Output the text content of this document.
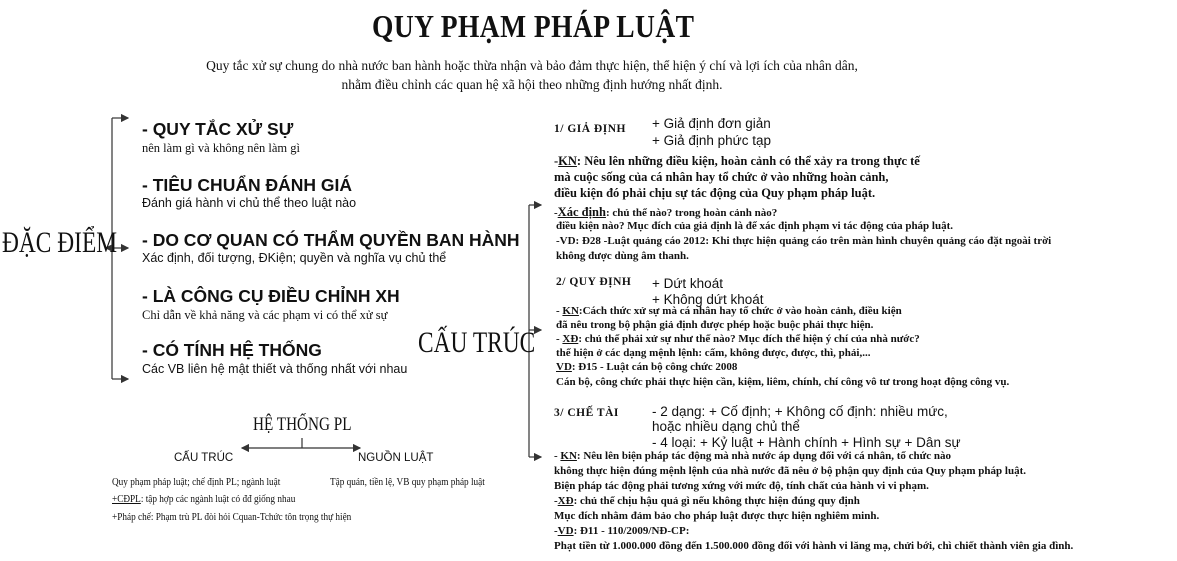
QUY PHẠM PHÁP LUẬT
Quy tắc xử sự chung do nhà nước ban hành hoặc thừa nhận và bảo đảm thực hiện, thể hiện ý chí và lợi ích của nhân dân,
nhằm điều chỉnh các quan hệ xã hội theo những định hướng nhất định.
ĐẶC ĐIỂM
- QUY TẮC XỬ SỰ
nên làm gì và không nên làm gì
- TIÊU CHUẨN ĐÁNH GIÁ
Đánh giá hành vi chủ thể theo luật nào
- DO CƠ QUAN CÓ THẨM QUYỀN BAN HÀNH
Xác định, đối tượng, ĐKiện; quyền và nghĩa vụ chủ thể
- LÀ CÔNG CỤ ĐIỀU CHỈNH XH
Chỉ dẫn về khả năng và các phạm vi có thể xử sự
- CÓ TÍNH HỆ THỐNG
Các VB liên hệ mật thiết và thống nhất với nhau
HỆ THỐNG PL
CẤU TRÚC	NGUỒN LUẬT
Quy phạm pháp luật; chế định PL; ngành luật
+CĐPL: tập hợp các ngành luật có đđ giống nhau
+Pháp chế: Phạm trù PL đòi hỏi Cquan-Tchức tôn trọng thự hiện
Tập quán, tiền lệ, VB quy phạm pháp luật
CẤU TRÚC
1/ GIẢ ĐỊNH + Giả định đơn giản
+ Giả định phức tạp
-KN: Nêu lên những điều kiện, hoàn cảnh có thể xảy ra trong thực tế
mà cuộc sống của cá nhân hay tổ chức ở vào những hoàn cảnh,
điều kiện đó phải chịu sự tác động của Quy phạm pháp luật.
-Xác định: chủ thể nào? trong hoàn cảnh nào?
điều kiện nào? Mục đích của giả định là để xác định phạm vi tác động của pháp luật.
-VD: Đ28 -Luật quảng cáo 2012: Khi thực hiện quảng cáo trên màn hình chuyên quảng cáo đặt ngoài trời
không được dùng âm thanh.
2/ QUY ĐỊNH + Dứt khoát
+ Không dứt khoát
- KN:Cách thức xử sự mà cá nhân hay tổ chức ở vào hoàn cảnh, điều kiện
đã nêu trong bộ phận giả định được phép hoặc buộc phải thực hiện.
- XĐ: chủ thể phải xử sự như thế nào? Mục đích thể hiện ý chí của nhà nước?
thể hiện ở các dạng mệnh lệnh: cấm, không được, được, thì, phải,...
VD: Đ15 - Luật cán bộ công chức 2008
Cán bộ, công chức phải thực hiện cần, kiệm, liêm, chính, chí công vô tư trong hoạt động công vụ.
3/ CHẾ TÀI - 2 dạng: + Cố định; + Không cố định: nhiều mức,
hoặc nhiều dạng chủ thể
- 4 loại: + Kỷ luật + Hành chính + Hình sự + Dân sự
- KN: Nêu lên biện pháp tác động mà nhà nước áp dụng đối với cá nhân, tổ chức nào
không thực hiện đúng mệnh lệnh của nhà nước đã nêu ở bộ phận quy định của Quy phạm pháp luật.
Biện pháp tác động phải tương xứng với mức độ, tính chất của hành vi vi phạm.
-XĐ: chủ thể chịu hậu quả gì nếu không thực hiện đúng quy định
Mục đích nhằm đảm bảo cho pháp luật được thực hiện nghiêm minh.
-VD: Đ11 - 110/2009/NĐ-CP:
Phạt tiền từ 1.000.000 đồng đến 1.500.000 đồng đối với hành vi lăng mạ, chửi bới, chì chiết thành viên gia đình.
